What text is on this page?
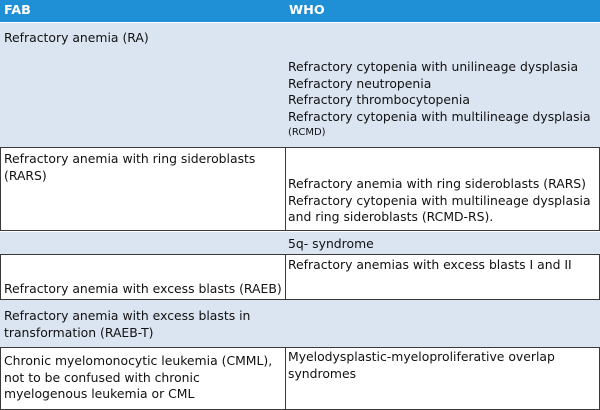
FAB	WHO
Refractory anemia (RA)
Refractory cytopenia with unilineage dysplasia
Refractory neutropenia
Refractory thrombocytopenia
Refractory cytopenia with multilineage dysplasia
(RCMD)
Refractory anemia with ring sideroblasts
(RARS)
Refractory anemia with ring sideroblasts (RARS)
Refractory cytopenia with multilineage dysplasia
and ring sideroblasts (RCMD-RS).
5q- syndrome
Refractory anemia with excess blasts (RAEB)
Refractory anemias with excess blasts I and II
Refractory anemia with excess blasts in
transformation (RAEB-T)
Chronic myelomonocytic leukemia (CMML),
not to be confused with chronic
myelogenous leukemia or CML
Myelodysplastic-myeloproliferative overlap
syndromes
